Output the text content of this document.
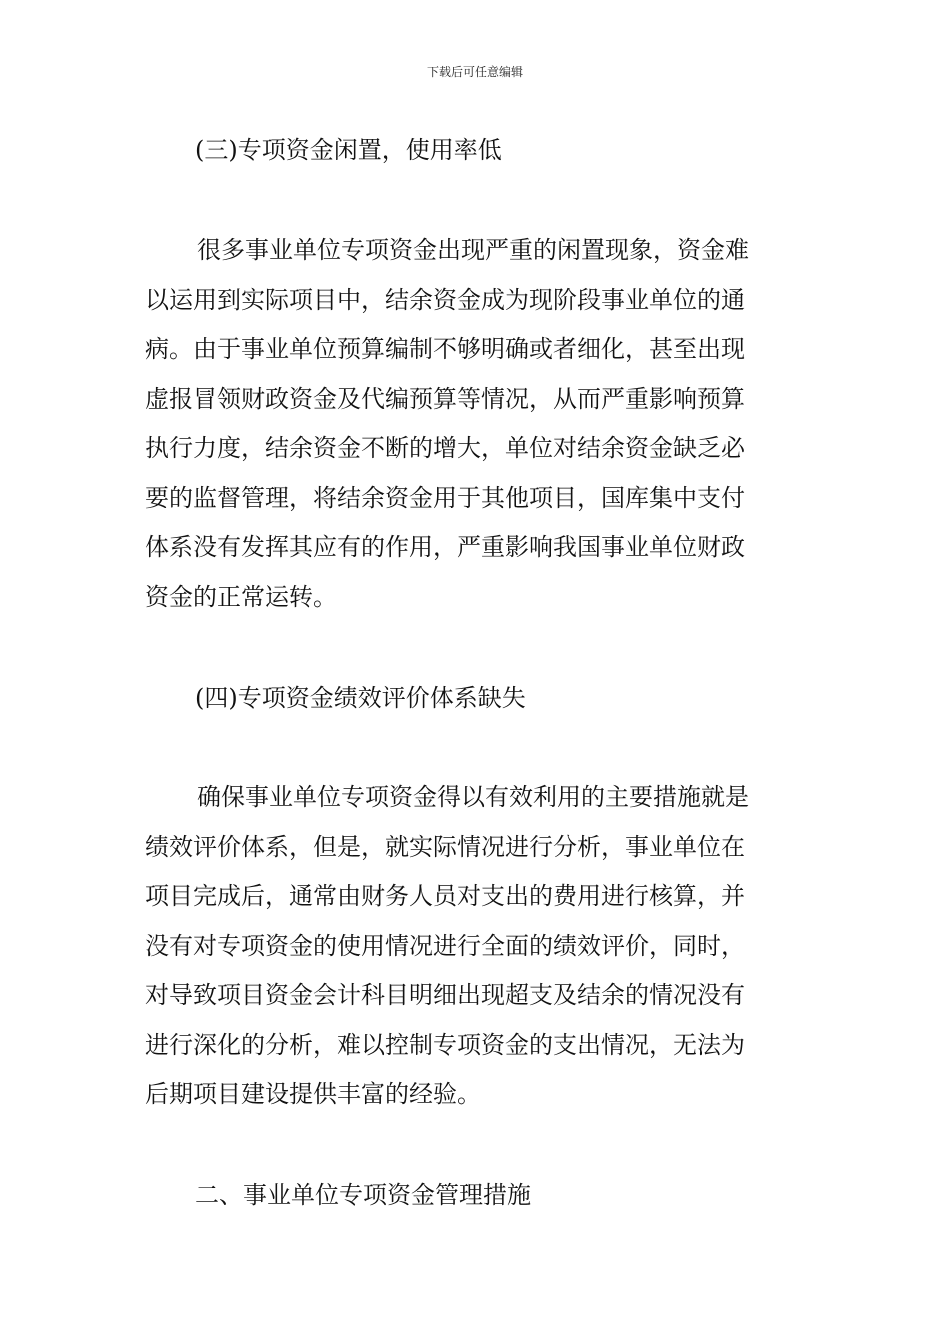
下载后可任意编辑
(三)专项资金闲置，使用率低
很多事业单位专项资金出现严重的闲置现象，资金难
以运用到实际项目中，结余资金成为现阶段事业单位的通
病。由于事业单位预算编制不够明确或者细化，甚至出现
虚报冒领财政资金及代编预算等情况，从而严重影响预算
执行力度，结余资金不断的增大，单位对结余资金缺乏必
要的监督管理，将结余资金用于其他项目，国库集中支付
体系没有发挥其应有的作用，严重影响我国事业单位财政
资金的正常运转。
(四)专项资金绩效评价体系缺失
确保事业单位专项资金得以有效利用的主要措施就是
绩效评价体系，但是，就实际情况进行分析，事业单位在
项目完成后，通常由财务人员对支出的费用进行核算，并
没有对专项资金的使用情况进行全面的绩效评价，同时，
对导致项目资金会计科目明细出现超支及结余的情况没有
进行深化的分析，难以控制专项资金的支出情况，无法为
后期项目建设提供丰富的经验。
二、事业单位专项资金管理措施
